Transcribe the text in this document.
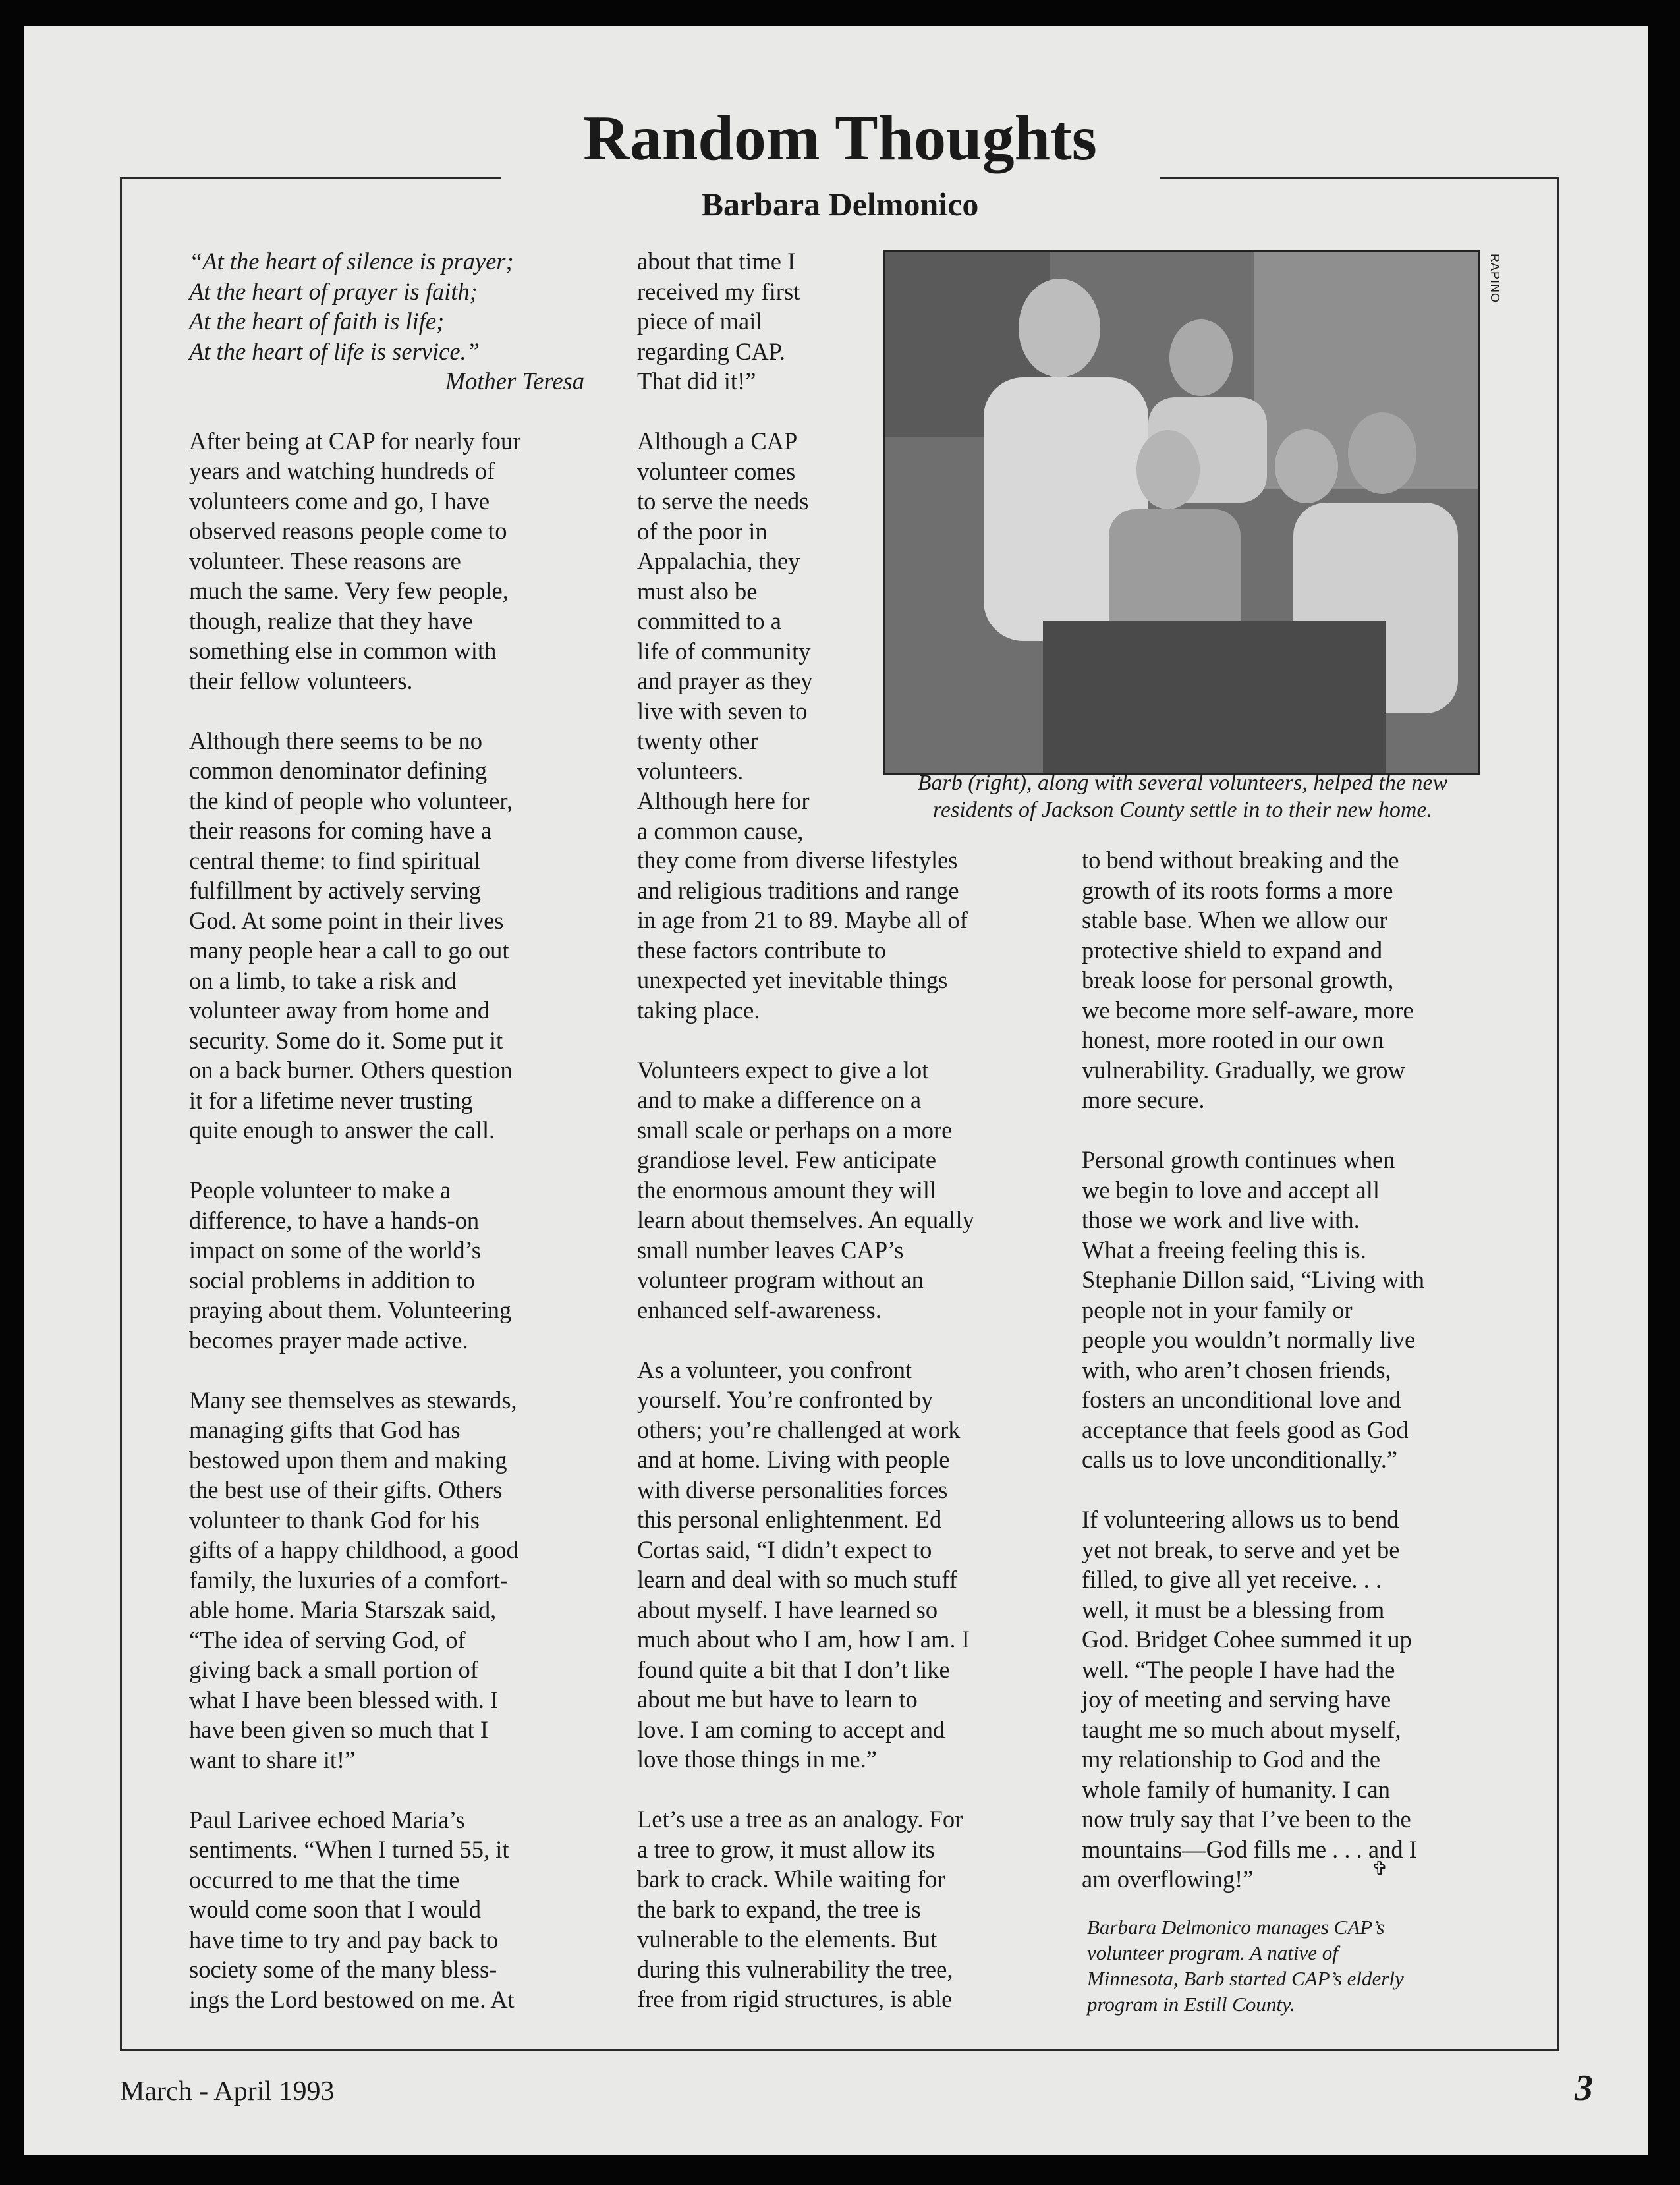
Random Thoughts
Barbara Delmonico
“At the heart of silence is prayer;
At the heart of prayer is faith;
At the heart of faith is life;
At the heart of life is service.”
Mother Teresa

After being at CAP for nearly four
years and watching hundreds of
volunteers come and go, I have
observed reasons people come to
volunteer. These reasons are
much the same. Very few people,
though, realize that they have
something else in common with
their fellow volunteers.

Although there seems to be no
common denominator defining
the kind of people who volunteer,
their reasons for coming have a
central theme: to find spiritual
fulfillment by actively serving
God. At some point in their lives
many people hear a call to go out
on a limb, to take a risk and
volunteer away from home and
security. Some do it. Some put it
on a back burner. Others question
it for a lifetime never trusting
quite enough to answer the call.

People volunteer to make a
difference, to have a hands-on
impact on some of the world’s
social problems in addition to
praying about them. Volunteering
becomes prayer made active.

Many see themselves as stewards,
managing gifts that God has
bestowed upon them and making
the best use of their gifts. Others
volunteer to thank God for his
gifts of a happy childhood, a good
family, the luxuries of a comfort-
able home. Maria Starszak said,
“The idea of serving God, of
giving back a small portion of
what I have been blessed with. I
have been given so much that I
want to share it!”

Paul Larivee echoed Maria’s
sentiments. “When I turned 55, it
occurred to me that the time
would come soon that I would
have time to try and pay back to
society some of the many bless-
ings the Lord bestowed on me. At

about that time I
received my first
piece of mail
regarding CAP.
That did it!”

Although a CAP
volunteer comes
to serve the needs
of the poor in
Appalachia, they
must also be
committed to a
life of community
and prayer as they
live with seven to
twenty other
volunteers.
Although here for
a common cause,

they come from diverse lifestyles
and religious traditions and range
in age from 21 to 89. Maybe all of
these factors contribute to
unexpected yet inevitable things
taking place.

Volunteers expect to give a lot
and to make a difference on a
small scale or perhaps on a more
grandiose level. Few anticipate
the enormous amount they will
learn about themselves. An equally
small number leaves CAP’s
volunteer program without an
enhanced self-awareness.

As a volunteer, you confront
yourself. You’re confronted by
others; you’re challenged at work
and at home. Living with people
with diverse personalities forces
this personal enlightenment. Ed
Cortas said, “I didn’t expect to
learn and deal with so much stuff
about myself. I have learned so
much about who I am, how I am. I
found quite a bit that I don’t like
about me but have to learn to
love. I am coming to accept and
love those things in me.”

Let’s use a tree as an analogy. For
a tree to grow, it must allow its
bark to crack. While waiting for
the bark to expand, the tree is
vulnerable to the elements. But
during this vulnerability the tree,
free from rigid structures, is able

to bend without breaking and the
growth of its roots forms a more
stable base. When we allow our
protective shield to expand and
break loose for personal growth,
we become more self-aware, more
honest, more rooted in our own
vulnerability. Gradually, we grow
more secure.

Personal growth continues when
we begin to love and accept all
those we work and live with.
What a freeing feeling this is.
Stephanie Dillon said, “Living with
people not in your family or
people you wouldn’t normally live
with, who aren’t chosen friends,
fosters an unconditional love and
acceptance that feels good as God
calls us to love unconditionally.”

If volunteering allows us to bend
yet not break, to serve and yet be
filled, to give all yet receive. . .
well, it must be a blessing from
God. Bridget Cohee summed it up
well. “The people I have had the
joy of meeting and serving have
taught me so much about myself,
my relationship to God and the
whole family of humanity. I can
now truly say that I’ve been to the
mountains—God fills me . . . and I
am overflowing!”	✞
RAPINO
Barb (right), along with several volunteers, helped the new residents of Jackson County settle in to their new home.
Barbara Delmonico manages CAP’s
volunteer program. A native of
Minnesota, Barb started CAP’s elderly
program in Estill County.
March - April 1993	3
